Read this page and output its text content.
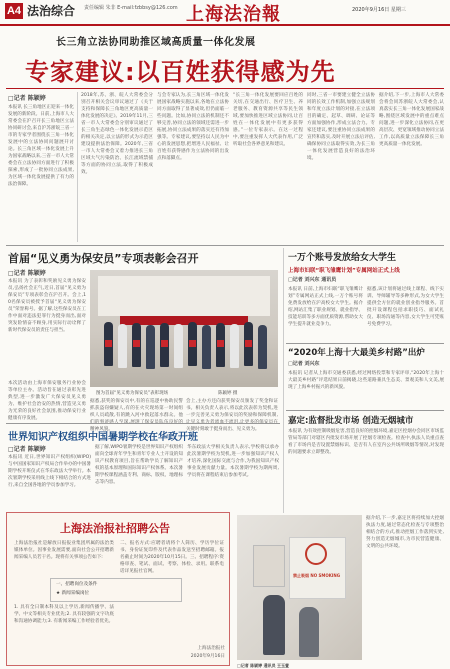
A4 法治综合 责任编辑 朱非 E-mail:fzbbsy@126.com 上海法治報	2020年9月16日 星期三
长三角立法协同助推区域高质量一体化发展
专家建议:以百姓获得感为先
□记者 陈颖婷
本报讯 长三角地区正迎来一体化发展的新阶段。日前,上海市人大常委会在沪召开长三角地区立法协同研讨会,来自沪苏浙皖三省一市的专家学者围绕长三角一体化发展中的立法协同问题展开讨论。长三角区域一体化发展上升为国家战略以来,三省一市人大常委会在立法协同方面进行了积极探索,形成了一批协同立法成果,为区域一体化发展提供了有力的法治保障。
2018年,苏、浙、皖人大常委会分别召开相关会议审议通过了《关于支持和保障长三角地区更高质量一体化发展的决定》。2019年11月,三省一市人大常委会分别审议通过了长三角生态绿色一体化发展示范区的相关决定,以立法的形式为示范区建设提供法治保障。2020年,三省一市人大常委会又着力推进长三角区域大气污染防治、长江流域禁捕等方面的协同立法,取得了积极成效。
与会专家认为,长三角区域一体化发展国家战略实施以来,各地在立法协同方面取得了显著成效,但仍面临一些问题。比如,协同立法的机制还不够完善,协同立法的领域还需进一步拓展,协同立法成果的落实还有待加强等。专家建议,要坚持以人民为中心的发展思想,把增进人民福祉、让百姓有获得感作为立法协同的出发点和落脚点。
“长三角一体化发展要回应百姓的关切,在交通出行、医疗卫生、养老服务、教育资源共享等民生领域,要加快推进区域立法协同,让百姓在一体化发展中有更多获得感。”一位专家表示。在这一过程中,要注重发挥人大代表作用,广泛听取社会各界意见和建议。
同时,三省一市要建立健全立法协同的长效工作机制,加强立法规划和年度立法计划的对接,在立法项目的确定、起草、调研、论证等方面加强协作,形成立法合力。专家还建议,要注重协同立法成果的宣传和落实,及时开展立法后评估,确保协同立法取得实效,为长三角一体化发展营造良好的法治环境。
据介绍,下一步,上海市人大常委会将会同苏浙皖人大常委会,认真落实长三角一体化发展国家战略,围绕区域发展中的重点难点问题,进一步深化立法协同,在更高层次、更宽领域推动协同立法工作,以高质量立法保障长三角更高质量一体化发展。
首届“见义勇为保安员”专项表彰会召开
□记者 陈颖婷
本报讯 为了表彰和奖励见义勇为保安员,弘扬社会正气,近日,首届“见义勇为保安员”专项表彰会在沪召开。会上,10名保安员被授予首届“见义勇为保安员”荣誉称号。据了解,这些保安员在工作中面对违法犯罪行为挺身而出,面对突发险情奋不顾身,用实际行动诠释了新时代保安员的责任与担当。
图为首届“见义勇为保安员”表彰现场	陈颖婷 摄
本次活动由上海市保安服务行业协会等单位主办。活动旨在通过表彰先进典型,进一步激发广大保安员见义勇为、维护社会治安的热情,营造见义勇为光荣的良好社会氛围,推动保安行业健康有序发展。
据悉,获奖的保安员中,有的在巡逻中协助民警抓获盗窃嫌疑人,有的在火灾现场第一时间组织人员疏散,有的跳入河中救起落水群众。他 精神风貌。
会上,主办方还向获奖保安员颁发了奖金和证书。相关负责人表示,将以此次表彰为契机,进一步完善见义勇为保安员的奖励和保障机制, 关键时刻敢于挺身而出、见义勇为。
世界知识产权组织中国暑期学校在华政开班
□记者 陈颖婷
本报讯 近日,世界知识产权组织(WIPO)与中国国家知识产权局合作举办的中国暑期学校开班仪式在华东政法大学举行。本次暑期学校采用线上线下相结合的方式进行,来自全国各地的学员参加学习。
据了解,WIPO暑期学校是世界知识产权组织面向全球青年学生和青年专业人士开设的知识产权教育项目,旨在帮助学员了解知识产权的基本原理和国际知识产权体系。本次暑期学校课程涵盖专利、商标、版权、地理标志等内容。
华东政法大学相关负责人表示,学校将以承办此次暑期学校为契机,进一步加强知识产权人才培养,深化国际交流与合作,为我国知识产权事业发展贡献力量。本次暑期学校为期两周,学员将在课程结束后参加考试。
上海法治报社招聘公告
上海法治报社是解放日报报业集团所属的法治类媒体单位。因事业发展需要,面向社会公开招聘新闻采编人员若干名。现将有关事项公告如下:
一、招聘岗位及条件
★ 新闻采编岗位
1. 具有全日制本科及以上学历,新闻传播学、法学、中文等相关专业优先;2. 具有较强的文字功底和沟通协调能力;3. 有新闻采编工作经验者优先。
二、报名方式:应聘者请将个人简历、学历学位证书、身份证复印件及代表作品发送至招聘邮箱。报名截止时间为2020年10月15日。三、招聘程序:资格审查、笔试、面试、考察、体检、录用。联系电话详见报社官网。
上海法治报社
2020年9月16日
一万个账号发放给女大学生
上海市妇联“职飞雏鹰计划”专属网站正式上线
□记者 刘兴东 通讯员
本报讯 日前,上海市妇联“职飞雏鹰计划”专属网站正式上线,一万个账号将免费发放给在沪高校女大学生。据介绍,网站汇集了职业规划、就业指导、技能培训等多方面优质资源,帮助女大学生提升就业竞争力。
据悉,该计划将通过线上课程、线下实训、导师辅导等多种形式,为女大学生提供全方位的就业创业指导服务。首批开设课程包括求职技巧、面试礼仪、职场沟通等内容,女大学生可凭账号免费学习。
“2020年上海十大最美乡村路”出炉
□记者 刘兴东
本报讯 记者从上海市交通委获悉,经过网络投票和专家评审,“2020年上海十大最美乡村路”评选结果日前揭晓,这些道路兼具生态美、景观美和人文美,展现了上海乡村振兴的新风貌。
嘉定:监督批发市场 创造无烟城市
本报讯 为有效控制吸烟危害,营造良好的控烟环境,嘉定区控烟办会同区市场监管局等部门对辖区内批发市场开展了控烟专项检查。检查中,执法人员重点查看了市场内是否设置禁烟标识、是否有人在室内公共场所吸烟等情况,对发现的问题要求立即整改。
禁止吸烟 NO SMOKING
□记者 陈颖婷 通讯员 王玉萱
据介绍,下一步,嘉定区将持续加大控烟执法力度,通过常态化检查与专项整治相结合的方式,推动控烟工作落到实处,努力创造无烟城市,为市民营造健康、文明的公共环境。
